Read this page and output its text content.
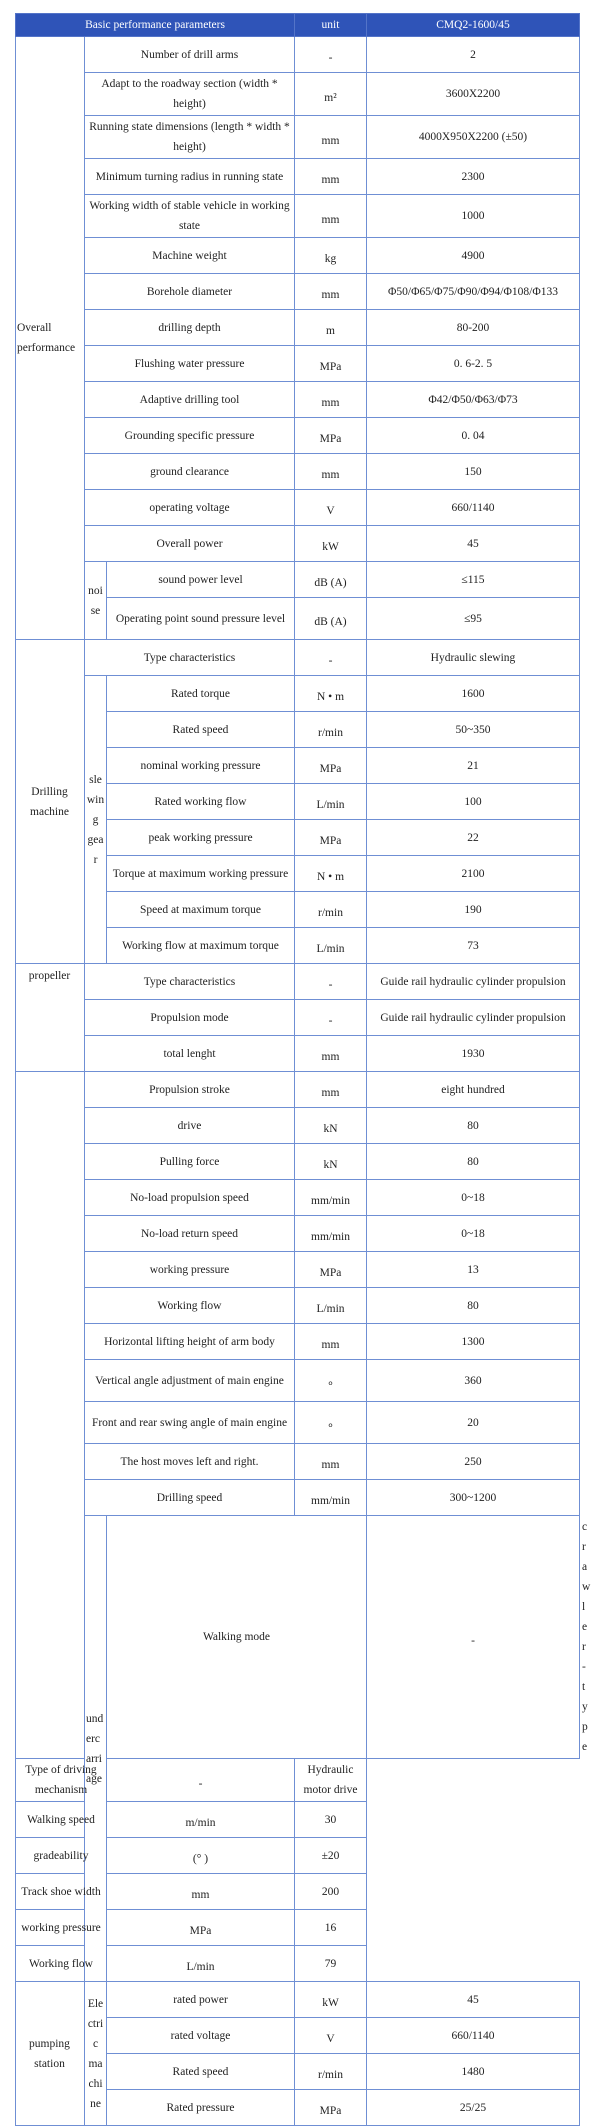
Basic performance parameters			unit	CMQ2-1600/45	
Overall performance	Number of drill arms		-	2	
	Adapt to the roadway section (width * height)		m²	3600X2200	
	Running state dimensions (length * width * height)		mm	4000X950X2200 (±50)	
	Minimum turning radius in running state		mm	2300	
	Working width of stable vehicle in working state		mm	1000	
	Machine weight		kg	4900	
	Borehole diameter		mm	Φ50/Φ65/Φ75/Φ90/Φ94/Φ108/Φ133	
	drilling depth		m	80-200	
	Flushing water pressure		MPa	0. 6-2. 5	
	Adaptive drilling tool		mm	Φ42/Φ50/Φ63/Φ73	
	Grounding specific pressure		MPa	0. 04	
	ground clearance		mm	150	
	operating voltage		V	660/1140	
	Overall power		kW	45	
	noise	sound power level	dB (A)	≤115	
		Operating point sound pressure level	dB (A)	≤95	
Drilling machine	Type characteristics		-	Hydraulic slewing	
	slewing gear	Rated torque	N • m	1600	
		Rated speed	r/min	50~350	
		nominal working pressure	MPa	21	
		Rated working flow	L/min	100	
		peak working pressure	MPa	22	
		Torque at maximum working pressure	N • m	2100	
		Speed at maximum torque	r/min	190	
		Working flow at maximum torque	L/min	73	
propeller	Type characteristics		-	Guide rail hydraulic cylinder propulsion	
	Propulsion mode		-	Guide rail hydraulic cylinder propulsion	
	total lenght		mm	1930	
	Propulsion stroke		mm	eight hundred	
	drive		kN	80	
	Pulling force		kN	80	
	No-load propulsion speed		mm/min	0~18	
	No-load return speed		mm/min	0~18	
	working pressure		MPa	13	
	Working flow		L/min	80	
	Horizontal lifting height of arm body		mm	1300	
	Vertical angle adjustment of main engine		∘	360	
	Front and rear swing angle of main engine		∘	20	
	The host moves left and right.		mm	250	
	Drilling speed		mm/min	300~1200	
	undercarriage	Walking mode		-	crawler-type
Type of driving mechanism		-	Hydraulic motor drive		
Walking speed		m/min	30		
gradeability		(° )	±20		
Track shoe width		mm	200		
working pressure		MPa	16		
Working flow		L/min	79		
pumping station	Electric machine	rated power	kW	45	
		rated voltage	V	660/1140	
		Rated speed	r/min	1480	
		Rated pressure	MPa	25/25	
